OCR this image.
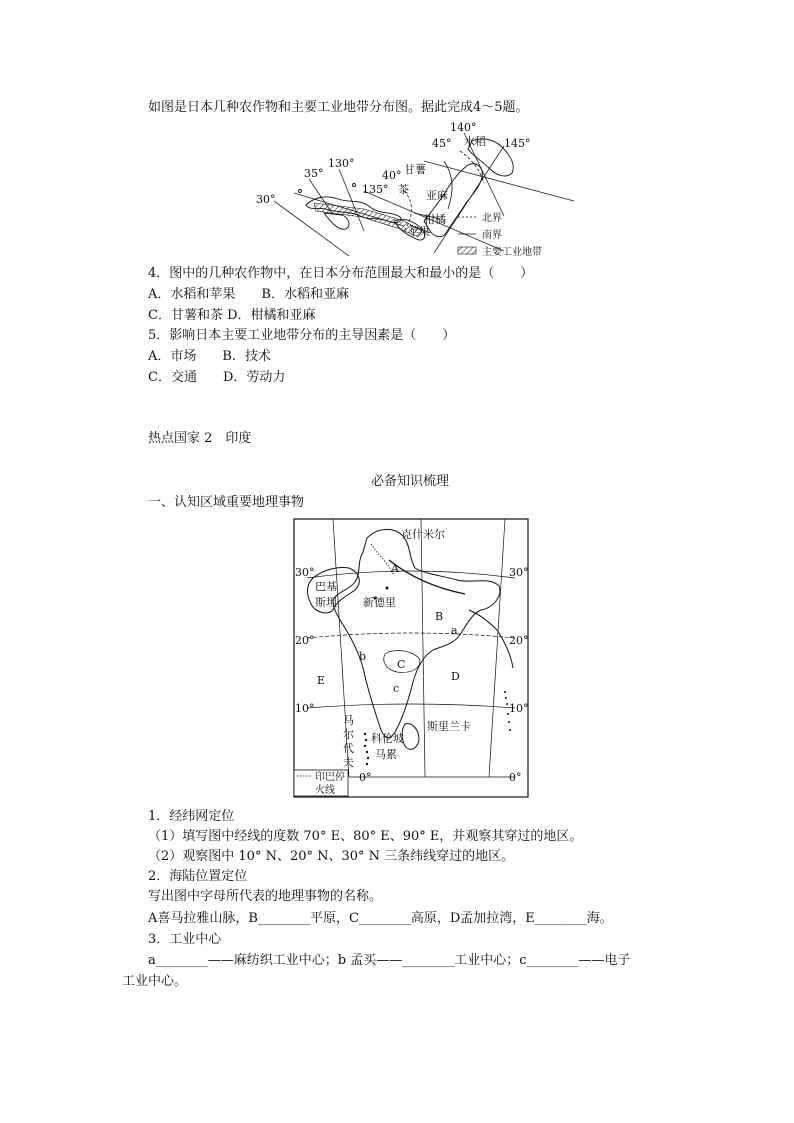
如图是日本几种农作物和主要工业地带分布图。据此完成4～5题。
140°
145°
45° 水稻
130°
35°	甘薯
40°
135° 茶 亚麻
30°
柑橘
苹果
北界
南界
主要工业地带
4．图中的几种农作物中，在日本分布范围最大和最小的是（　　）
A．水稻和苹果　　B．水稻和亚麻
C．甘薯和茶 D．柑橘和亚麻
5．影响日本主要工业地带分布的主导因素是（　　）
A．市场　　B．技术
C．交通　　D．劳动力
热点国家 2　印度
必备知识梳理
一、认知区域重要地理事物
克什米尔
30°	30°
A
巴基
斯坦 新德里
B
a
20°	20°
b
C
E	D
c
10°	10°
马
尔
代
夫
科伦坡
马累
斯里兰卡
0°	0°
印巴停
火线
1．经纬网定位
（1）填写图中经线的度数 70° E、80° E、90° E，并观察其穿过的地区。
（2）观察图中 10° N、20° N、30° N 三条纬线穿过的地区。
2．海陆位置定位
写出图中字母所代表的地理事物的名称。
A喜马拉雅山脉，B________平原，C________高原，D孟加拉湾，E________海。
3．工业中心
a________——麻纺织工业中心；b 孟买——________工业中心；c________——电子
工业中心。
